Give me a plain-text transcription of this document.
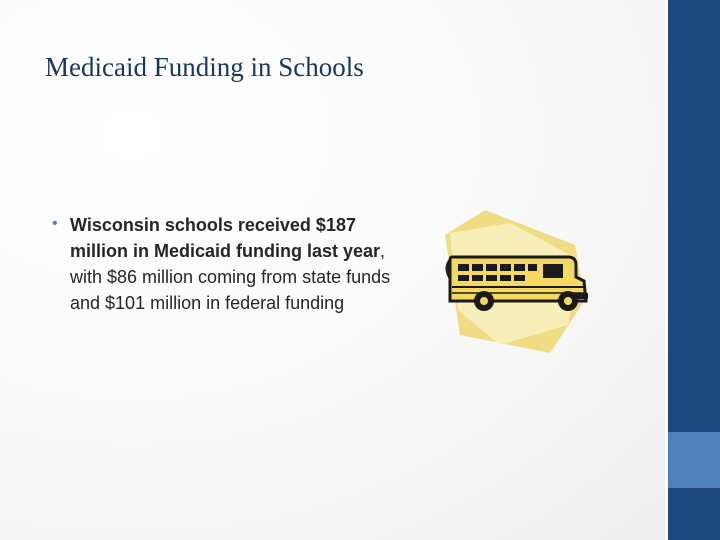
Medicaid Funding in Schools
• Wisconsin schools received $187 million in Medicaid funding last year, with $86 million coming from state funds and $101 million in federal funding
